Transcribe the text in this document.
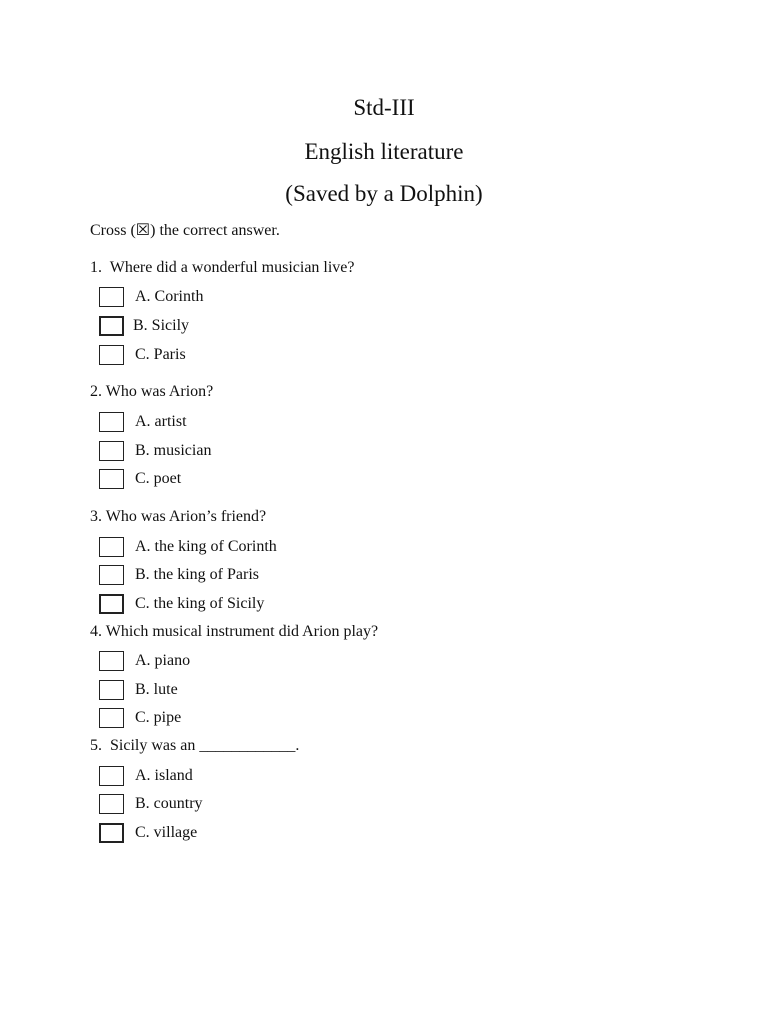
Std-III
English literature
(Saved by a Dolphin)
Cross (☒) the correct answer.
1.  Where did a wonderful musician live?
A. Corinth
B. Sicily
C. Paris
2. Who was Arion?
A. artist
B. musician
C. poet
3. Who was Arion’s friend?
A. the king of Corinth
B. the king of Paris
C. the king of Sicily
4. Which musical instrument did Arion play?
A. piano
B. lute
C. pipe
5.  Sicily was an ____________.
A. island
B. country
C. village
